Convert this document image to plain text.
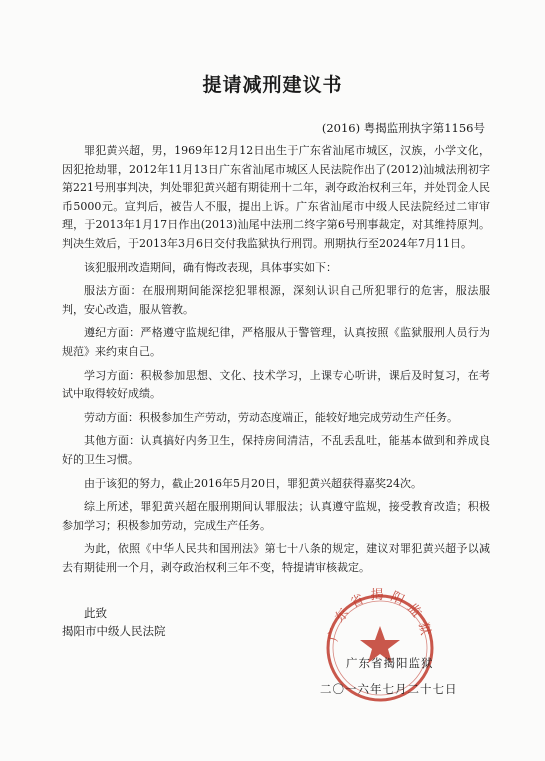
提请减刑建议书
(2016) 粤揭监刑执字第1156号

罪犯黄兴超，男，1969年12月12日出生于广东省汕尾市城区，汉族，小学文化，因犯抢劫罪，2012年11月13日广东省汕尾市城区人民法院作出了(2012)汕城法刑初字第221号刑事判决，判处罪犯黄兴超有期徒刑十二年，剥夺政治权利三年，并处罚金人民币5000元。宣判后，被告人不服，提出上诉。广东省汕尾市中级人民法院经过二审审理，于2013年1月17日作出(2013)汕尾中法刑二终字第6号刑事裁定，对其维持原判。判决生效后，于2013年3月6日交付我监狱执行刑罚。刑期执行至2024年7月11日。

该犯服刑改造期间，确有悔改表现，具体事实如下：

服法方面：在服刑期间能深挖犯罪根源，深刻认识自己所犯罪行的危害，服法服判，安心改造，服从管教。

遵纪方面：严格遵守监规纪律，严格服从于警管理，认真按照《监狱服刑人员行为规范》来约束自己。

学习方面：积极参加思想、文化、技术学习，上课专心听讲，课后及时复习，在考试中取得较好成绩。

劳动方面：积极参加生产劳动，劳动态度端正，能较好地完成劳动生产任务。

其他方面：认真搞好内务卫生，保持房间清洁，不乱丢乱吐，能基本做到和养成良好的卫生习惯。

由于该犯的努力，截止2016年5月20日，罪犯黄兴超获得嘉奖24次。

综上所述，罪犯黄兴超在服刑期间认罪服法；认真遵守监规，接受教育改造；积极参加学习；积极参加劳动，完成生产任务。

为此，依照《中华人民共和国刑法》第七十八条的规定，建议对罪犯黄兴超予以减去有期徒刑一个月，剥夺政治权利三年不变，特提请审核裁定。

此致
揭阳市中级人民法院	广东省揭阳监狱
广东省揭阳监狱
二〇一六年七月二十七日
